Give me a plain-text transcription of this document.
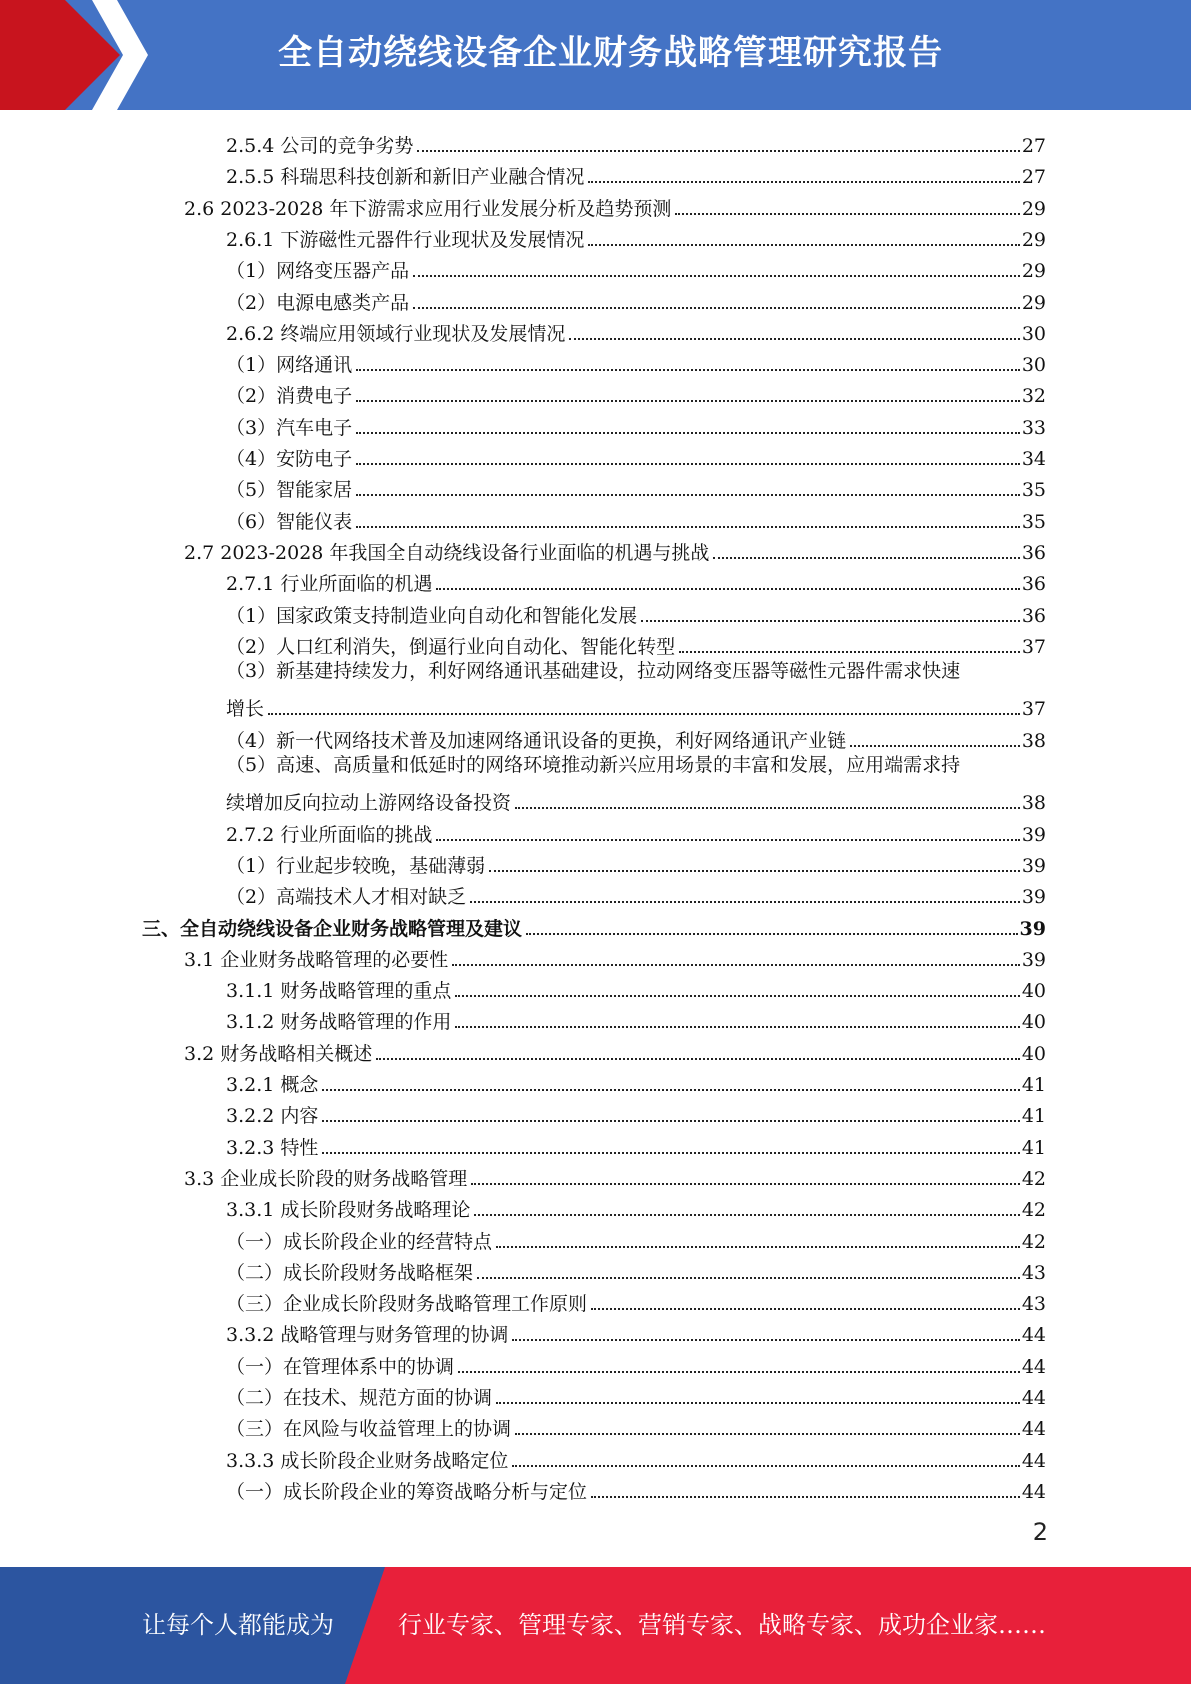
全自动绕线设备企业财务战略管理研究报告
2.5.4 公司的竞争劣势	27
2.5.5 科瑞思科技创新和新旧产业融合情况	27
2.6 2023-2028 年下游需求应用行业发展分析及趋势预测	29
2.6.1 下游磁性元器件行业现状及发展情况	29
（1）网络变压器产品	29
（2）电源电感类产品	29
2.6.2 终端应用领域行业现状及发展情况	30
（1）网络通讯	30
（2）消费电子	32
（3）汽车电子	33
（4）安防电子	34
（5）智能家居	35
（6）智能仪表	35
2.7 2023-2028 年我国全自动绕线设备行业面临的机遇与挑战	36
2.7.1 行业所面临的机遇	36
（1）国家政策支持制造业向自动化和智能化发展	36
（2）人口红利消失，倒逼行业向自动化、智能化转型	37
（3）新基建持续发力，利好网络通讯基础建设，拉动网络变压器等磁性元器件需求快速
增长	37
（4）新一代网络技术普及加速网络通讯设备的更换，利好网络通讯产业链	38
（5）高速、高质量和低延时的网络环境推动新兴应用场景的丰富和发展，应用端需求持
续增加反向拉动上游网络设备投资	38
2.7.2 行业所面临的挑战	39
（1）行业起步较晚，基础薄弱	39
（2）高端技术人才相对缺乏	39
三、全自动绕线设备企业财务战略管理及建议	39
3.1 企业财务战略管理的必要性	39
3.1.1 财务战略管理的重点	40
3.1.2 财务战略管理的作用	40
3.2 财务战略相关概述	40
3.2.1 概念	41
3.2.2 内容	41
3.2.3 特性	41
3.3 企业成长阶段的财务战略管理	42
3.3.1 成长阶段财务战略理论	42
（一）成长阶段企业的经营特点	42
（二）成长阶段财务战略框架	43
（三）企业成长阶段财务战略管理工作原则	43
3.3.2 战略管理与财务管理的协调	44
（一）在管理体系中的协调	44
（二）在技术、规范方面的协调	44
（三）在风险与收益管理上的协调	44
3.3.3 成长阶段企业财务战略定位	44
（一）成长阶段企业的筹资战略分析与定位	44
2
让每个人都能成为	行业专家、管理专家、营销专家、战略专家、成功企业家……
